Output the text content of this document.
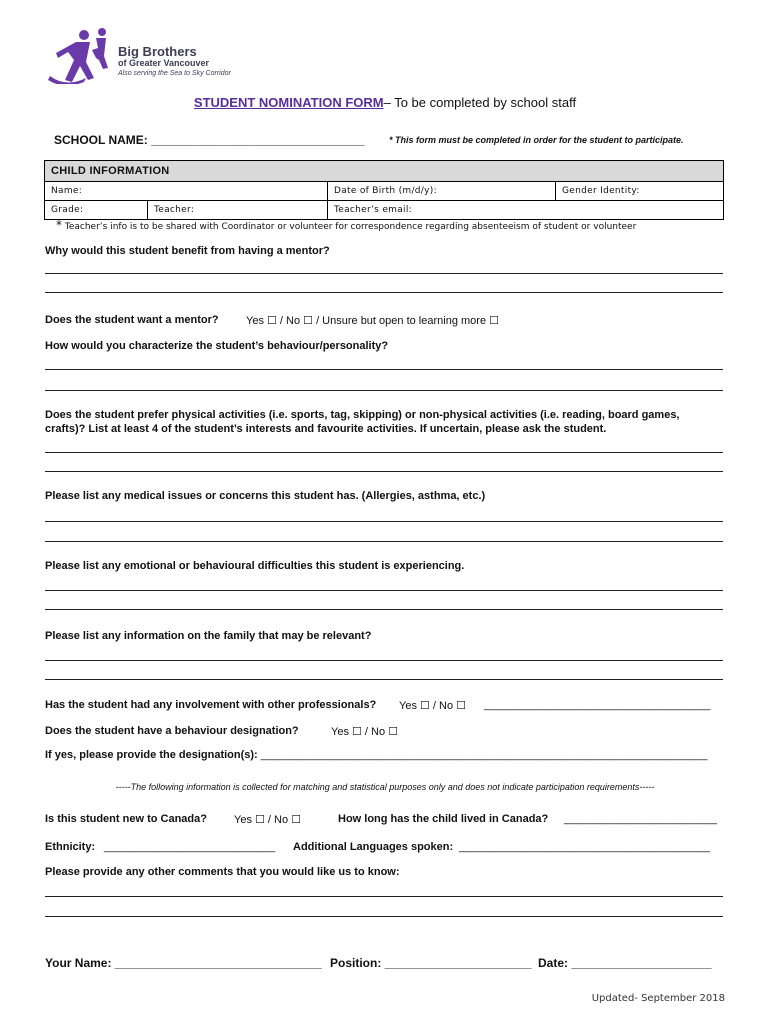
Big Brothers
of Greater Vancouver
Also serving the Sea to Sky Corridor
STUDENT NOMINATION FORM– To be completed by school staff
SCHOOL NAME: ________________________________	* This form must be completed in order for the student to participate.
CHILD INFORMATION			
Name:		Date of Birth (m/d/y):	Gender Identity:
Grade:	Teacher:	Teacher’s email:	
* Teacher’s info is to be shared with Coordinator or volunteer for correspondence regarding absenteeism of student or volunteer
Why would this student benefit from having a mentor?
Does the student want a mentor? Yes ☐ / No ☐ / Unsure but open to learning more ☐
How would you characterize the student’s behaviour/personality?
Does the student prefer physical activities (i.e. sports, tag, skipping) or non-physical activities (i.e. reading, board games,
crafts)? List at least 4 of the student’s interests and favourite activities. If uncertain, please ask the student.
Please list any medical issues or concerns this student has. (Allergies, asthma, etc.)
Please list any emotional or behavioural difficulties this student is experiencing.
Please list any information on the family that may be relevant?
Has the student had any involvement with other professionals? Yes ☐ / No ☐ _____________________________________
Does the student have a behaviour designation?	Yes ☐ / No ☐
If yes, please provide the designation(s): _________________________________________________________________________
-----The following information is collected for matching and statistical purposes only and does not indicate participation requirements-----
Is this student new to Canada? Yes ☐ / No ☐	How long has the child lived in Canada? _________________________
Ethnicity: ____________________________ Additional Languages spoken: _________________________________________
Please provide any other comments that you would like us to know:
Your Name: _______________________________ Position: ______________________ Date: _____________________
Updated- September 2018
